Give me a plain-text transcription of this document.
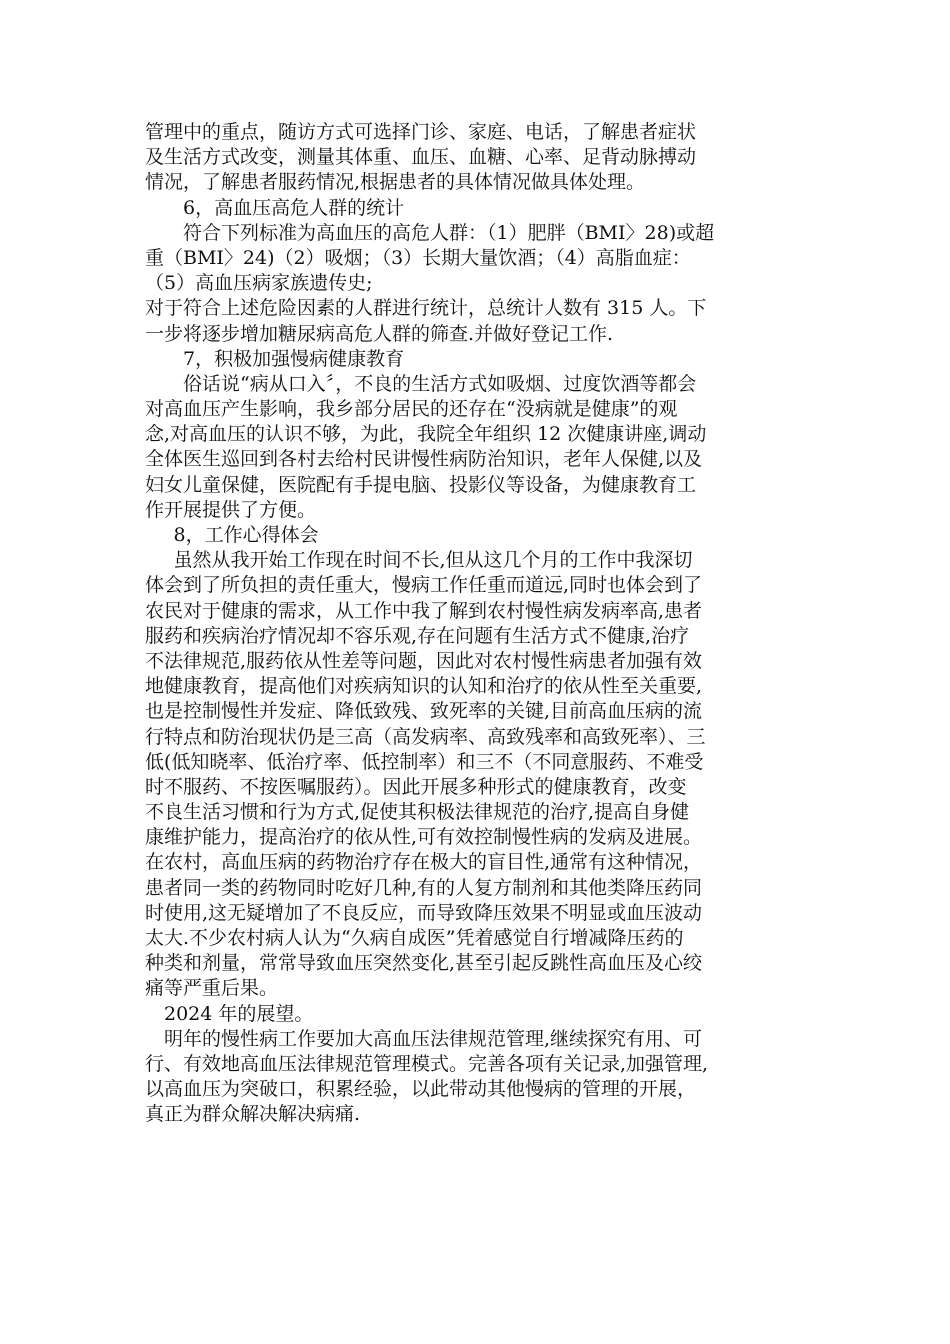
管理中的重点，随访方式可选择门诊、家庭、电话，了解患者症状
及生活方式改变，测量其体重、血压、血糖、心率、足背动脉搏动
情况，了解患者服药情况,根据患者的具体情况做具体处理。
6，高血压高危人群的统计
符合下列标准为高血压的高危人群：（1）肥胖（BMI〉28)或超
重（BMI〉24)（2）吸烟；（3）长期大量饮酒；（4）高脂血症：
（5）高血压病家族遗传史;
对于符合上述危险因素的人群进行统计，总统计人数有 315 人。下
一步将逐步增加糖尿病高危人群的筛查.并做好登记工作.
7，积极加强慢病健康教育
俗话说“病从口入〞，不良的生活方式如吸烟、过度饮酒等都会
对高血压产生影响，我乡部分居民的还存在“没病就是健康”的观
念,对高血压的认识不够，为此，我院全年组织 12 次健康讲座,调动
全体医生巡回到各村去给村民讲慢性病防治知识，老年人保健,以及
妇女儿童保健，医院配有手提电脑、投影仪等设备，为健康教育工
作开展提供了方便。
8，工作心得体会
虽然从我开始工作现在时间不长,但从这几个月的工作中我深切
体会到了所负担的责任重大，慢病工作任重而道远,同时也体会到了
农民对于健康的需求，从工作中我了解到农村慢性病发病率高,患者
服药和疾病治疗情况却不容乐观,存在问题有生活方式不健康,治疗
不法律规范,服药依从性差等问题，因此对农村慢性病患者加强有效
地健康教育，提高他们对疾病知识的认知和治疗的依从性至关重要,
也是控制慢性并发症、降低致残、致死率的关键,目前高血压病的流
行特点和防治现状仍是三高（高发病率、高致残率和高致死率）、三
低(低知晓率、低治疗率、低控制率）和三不（不同意服药、不难受
时不服药、不按医嘱服药）。因此开展多种形式的健康教育，改变
不良生活习惯和行为方式,促使其积极法律规范的治疗,提高自身健
康维护能力，提高治疗的依从性,可有效控制慢性病的发病及进展。
在农村，高血压病的药物治疗存在极大的盲目性,通常有这种情况，
患者同一类的药物同时吃好几种,有的人复方制剂和其他类降压药同
时使用,这无疑增加了不良反应，而导致降压效果不明显或血压波动
太大.不少农村病人认为“久病自成医”凭着感觉自行增减降压药的
种类和剂量，常常导致血压突然变化,甚至引起反跳性高血压及心绞
痛等严重后果。
2024 年的展望。
明年的慢性病工作要加大高血压法律规范管理,继续探究有用、可
行、有效地高血压法律规范管理模式。完善各项有关记录,加强管理,
以高血压为突破口，积累经验，以此带动其他慢病的管理的开展，
真正为群众解决解决病痛.
